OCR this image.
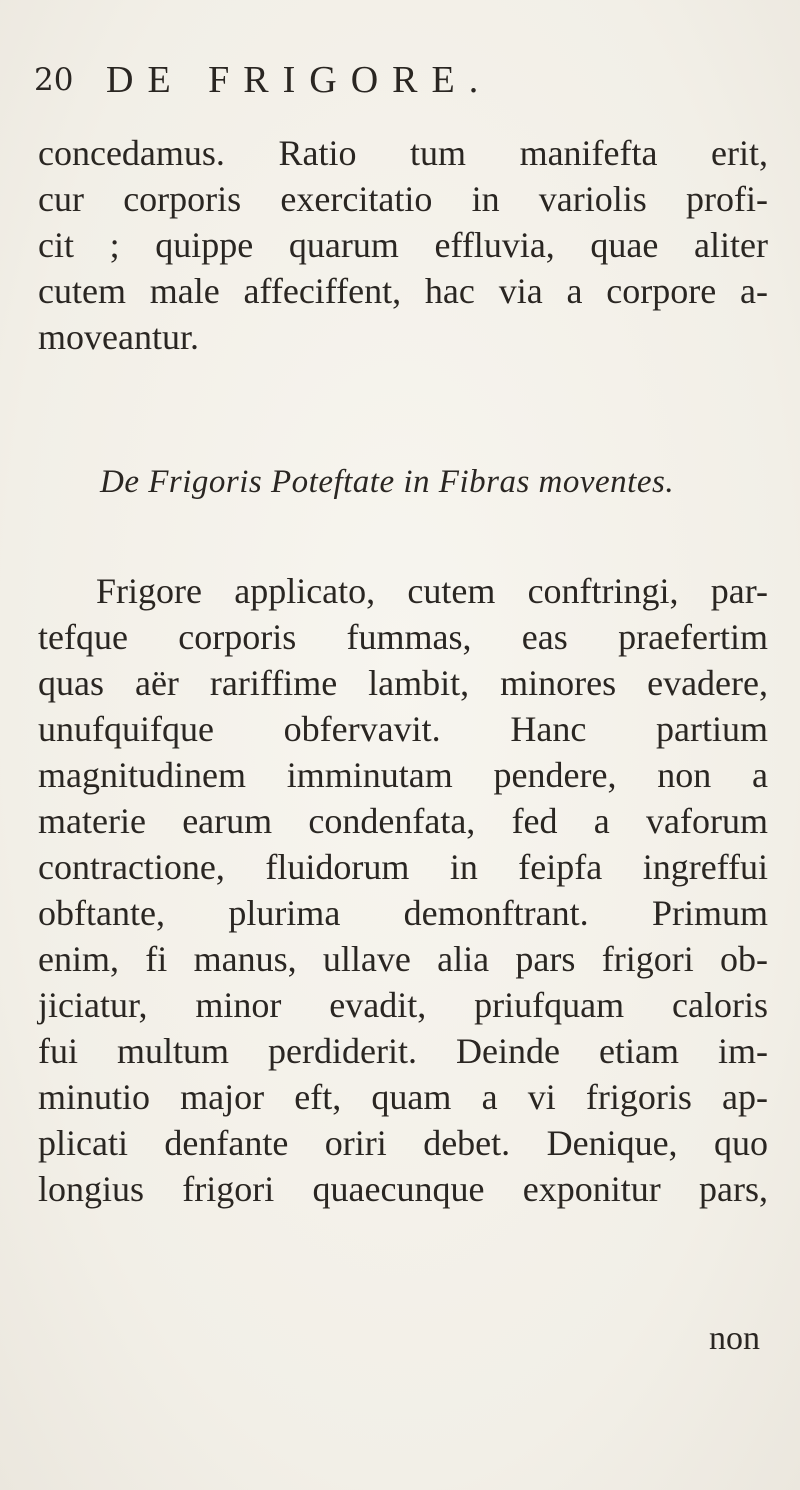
20 DE FRIGORE.
concedamus. Ratio tum manifefta erit,
cur corporis exercitatio in variolis profi-
cit ; quippe quarum effluvia, quae aliter
cutem male affeciffent, hac via a corpore a-
moveantur.
De Frigoris Poteftate in Fibras moventes.
Frigore applicato, cutem conftringi, par-
tefque corporis fummas, eas praefertim
quas aër rariffime lambit, minores evadere,
unufquifque obfervavit. Hanc partium
magnitudinem imminutam pendere, non a
materie earum condenfata, fed a vaforum
contractione, fluidorum in feipfa ingreffui
obftante, plurima demonftrant. Primum
enim, fi manus, ullave alia pars frigori ob-
jiciatur, minor evadit, priufquam caloris
fui multum perdiderit. Deinde etiam im-
minutio major eft, quam a vi frigoris ap-
plicati denfante oriri debet. Denique, quo
longius frigori quaecunque exponitur pars,
non
